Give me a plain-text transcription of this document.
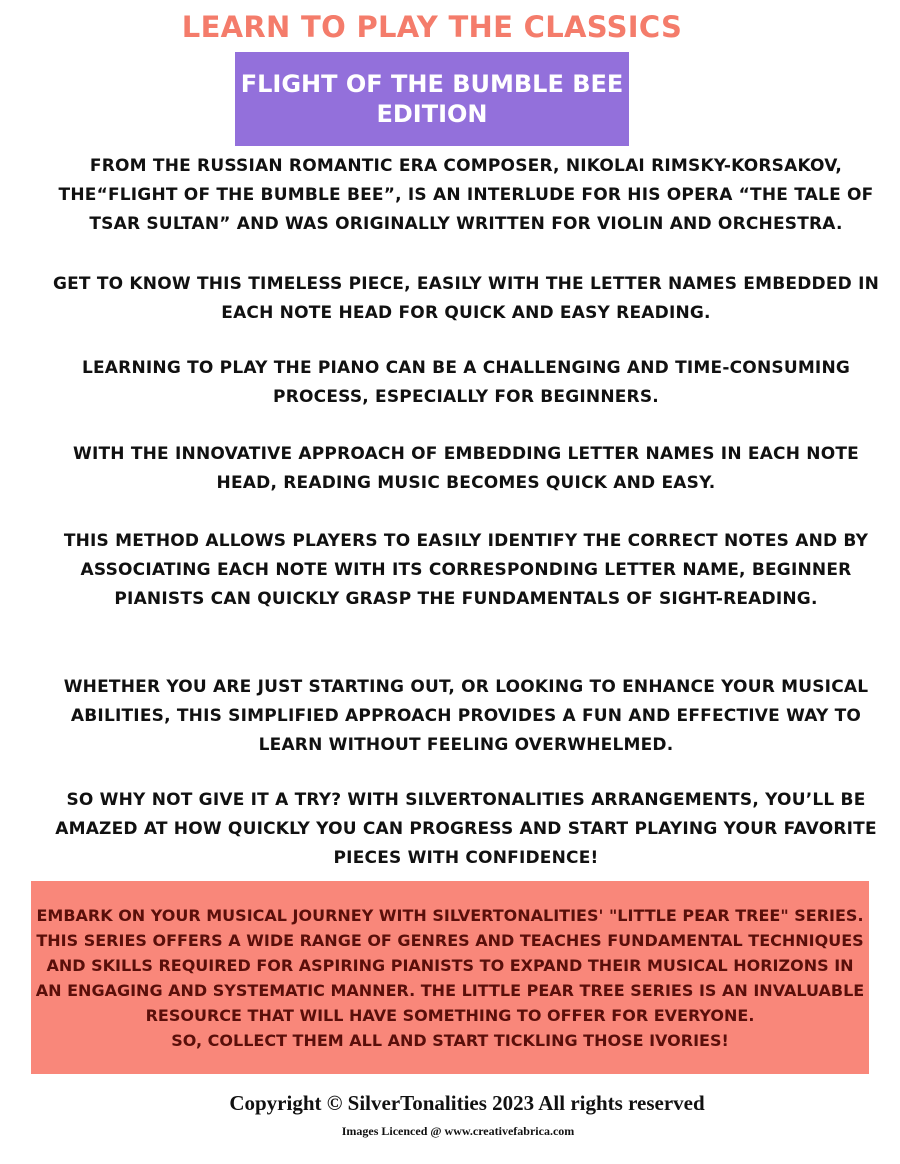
LEARN TO PLAY THE CLASSICS
FLIGHT OF THE BUMBLE BEE
EDITION
FROM THE RUSSIAN ROMANTIC ERA COMPOSER, NIKOLAI RIMSKY-KORSAKOV, THE“FLIGHT OF THE BUMBLE BEE”, IS AN INTERLUDE FOR HIS OPERA “THE TALE OF TSAR SULTAN” AND WAS ORIGINALLY WRITTEN FOR VIOLIN AND ORCHESTRA.
GET TO KNOW THIS TIMELESS PIECE, EASILY WITH THE LETTER NAMES EMBEDDED IN EACH NOTE HEAD FOR QUICK AND EASY READING.
LEARNING TO PLAY THE PIANO CAN BE A CHALLENGING AND TIME-CONSUMING PROCESS, ESPECIALLY FOR BEGINNERS.
WITH THE INNOVATIVE APPROACH OF EMBEDDING LETTER NAMES IN EACH NOTE HEAD, READING MUSIC BECOMES QUICK AND EASY.
THIS METHOD ALLOWS PLAYERS TO EASILY IDENTIFY THE CORRECT NOTES AND BY ASSOCIATING EACH NOTE WITH ITS CORRESPONDING LETTER NAME, BEGINNER PIANISTS CAN QUICKLY GRASP THE FUNDAMENTALS OF SIGHT-READING.
WHETHER YOU ARE JUST STARTING OUT, OR LOOKING TO ENHANCE YOUR MUSICAL ABILITIES, THIS SIMPLIFIED APPROACH PROVIDES A FUN AND EFFECTIVE WAY TO LEARN WITHOUT FEELING OVERWHELMED.
SO WHY NOT GIVE IT A TRY? WITH SILVERTONALITIES ARRANGEMENTS, YOU’LL BE AMAZED AT HOW QUICKLY YOU CAN PROGRESS AND START PLAYING YOUR FAVORITE PIECES WITH CONFIDENCE!
EMBARK ON YOUR MUSICAL JOURNEY WITH SILVERTONALITIES' "LITTLE PEAR TREE" SERIES. THIS SERIES OFFERS A WIDE RANGE OF GENRES AND TEACHES FUNDAMENTAL TECHNIQUES AND SKILLS REQUIRED FOR ASPIRING PIANISTS TO EXPAND THEIR MUSICAL HORIZONS IN AN ENGAGING AND SYSTEMATIC MANNER. THE LITTLE PEAR TREE SERIES IS AN INVALUABLE RESOURCE THAT WILL HAVE SOMETHING TO OFFER FOR EVERYONE.
SO, COLLECT THEM ALL AND START TICKLING THOSE IVORIES!
Copyright © SilverTonalities 2023 All rights reserved
Images Licenced @ www.creativefabrica.com
